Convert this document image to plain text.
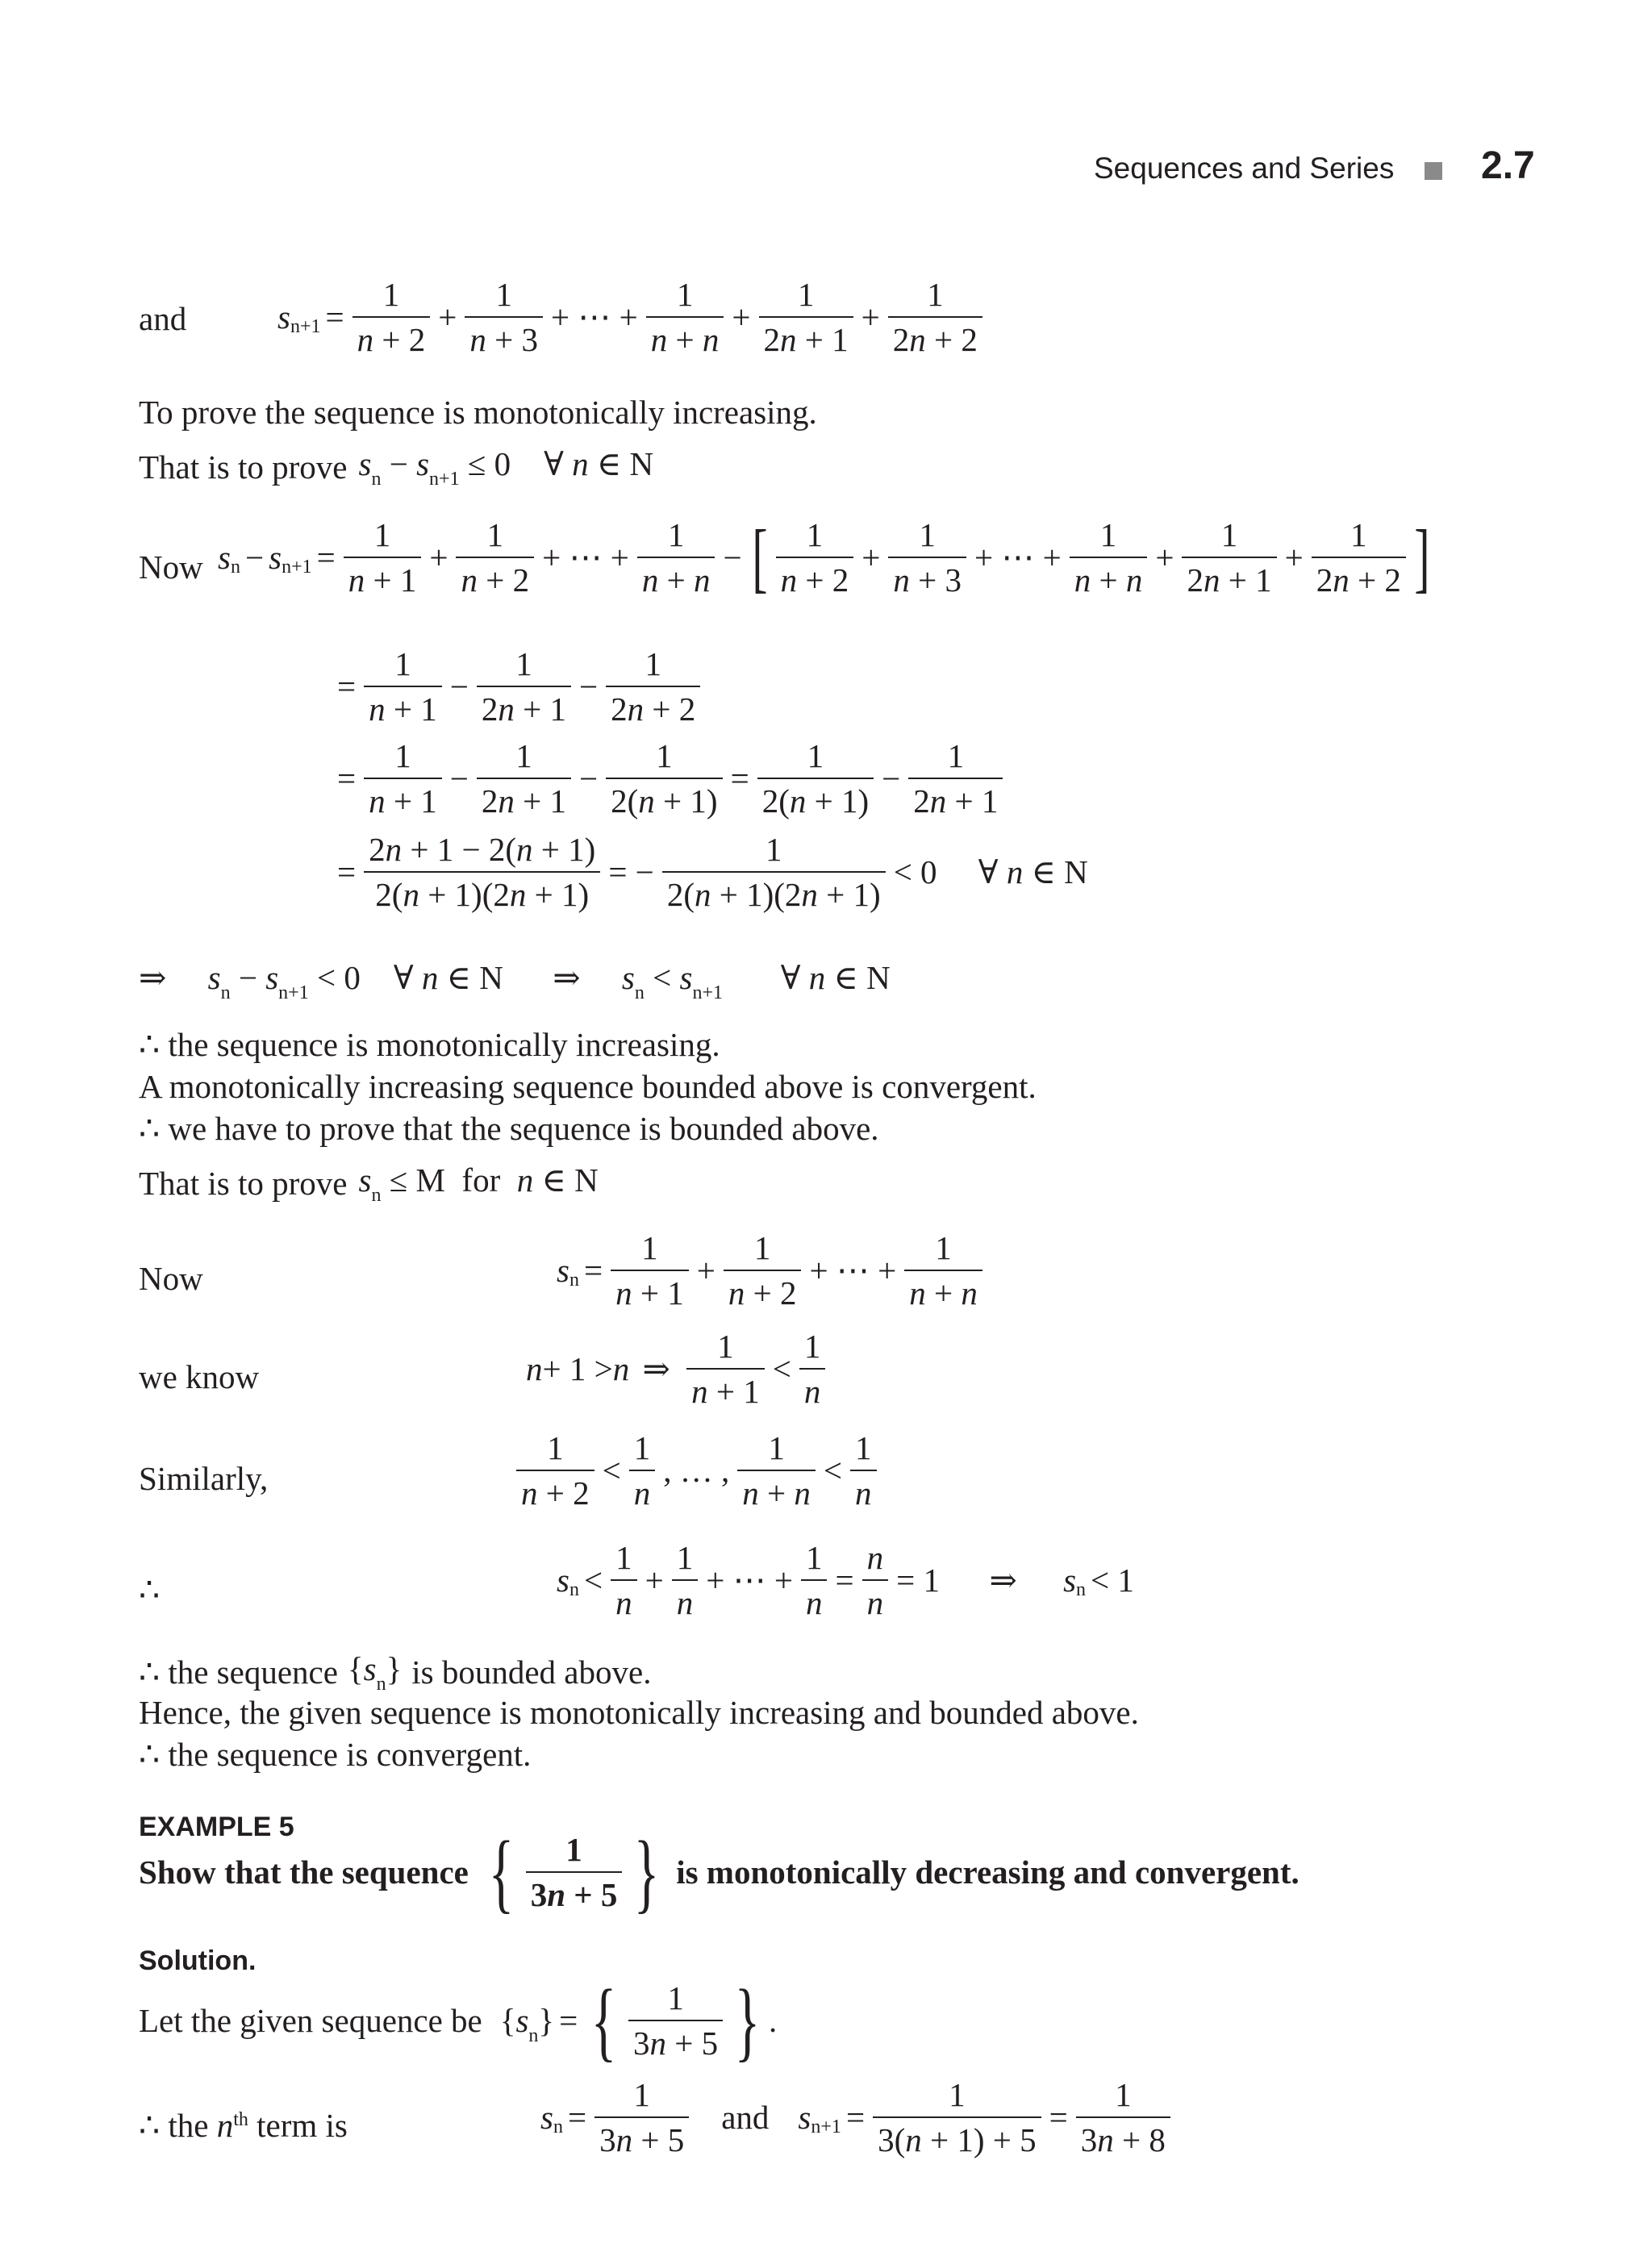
Sequences and Series 2.7
and	s $n+1 = \frac{1}{n + 2} + \frac{1}{n + 3}$ + ⋯ + $\frac{1}{n + n} + \frac{1}{2n + 1} + \frac{1}{2n + 2}$
To prove the sequence is monotonically increasing.
That is to prove $s_n - s_{n+1} \le 0$    ∀ n ∈ N
Now s n − s $n+1 = \frac{1}{n + 1} + \frac{1}{n + 2}$ + ⋯ + $\frac{1}{n + n}$ − [ $\frac{1}{n + 2} + \frac{1}{n + 3}$ + ⋯ + $\frac{1}{n + n} + \frac{1}{2n + 1} + \frac{1}{2n + 2}$ ]
= $\frac{1}{n + 1} - \frac{1}{2n + 1} - \frac{1}{2n + 2}$
= $\frac{1}{n + 1} - \frac{1}{2n + 1} - \frac{1}{2(n + 1)} = \frac{1}{2(n + 1)} - \frac{1}{2n + 1}$
= $\frac{2n + 1 - 2(n + 1)}{2(n + 1)(2n + 1)}$ = − $\frac{1}{2(n + 1)(2n + 1)} < 0$     ∀ n ∈ N
⇒     $s_n - s_{n+1} < 0$    ∀ n ∈ N      ⇒     $s_n < s_{n+1}$       ∀ n ∈ N
∴ the sequence is monotonically increasing.
A monotonically increasing sequence bounded above is convergent.
∴ we have to prove that the sequence is bounded above.
That is to prove $s_n \le M$  for  n ∈ N
Now	s $n = \frac{1}{n + 1} + \frac{1}{n + 2}$ + ⋯ + $\frac{1}{n + n}$
we know	n + 1 > n ⇒ $\frac{1}{n + 1} < \frac{1}{n}$
Similarly,	$\frac{1}{n + 2} < \frac{1}{n}$ , … , $\frac{1}{n + n} < \frac{1}{n}$
∴	s $n < \frac{1}{n} + \frac{1}{n}$ + ⋯ + $\frac{1}{n} = \frac{n}{n} = 1$      ⇒ s n < 1
∴ the sequence $\{s_n\}$ is bounded above.
Hence, the given sequence is monotonically increasing and bounded above.
∴ the sequence is convergent.
EXAMPLE 5
Show that the sequence { $\frac{1}{3n + 5}$ } is monotonically decreasing and convergent.
Solution.
Let the given sequence be $\{s_n\}$ = { $\frac{1}{3n + 5}$ } .
∴ the $n^{th}$ term is	s $n = \frac{1}{3n + 5}$ and s $n+1 = \frac{1}{3(n + 1) + 5} = \frac{1}{3n + 8}$
